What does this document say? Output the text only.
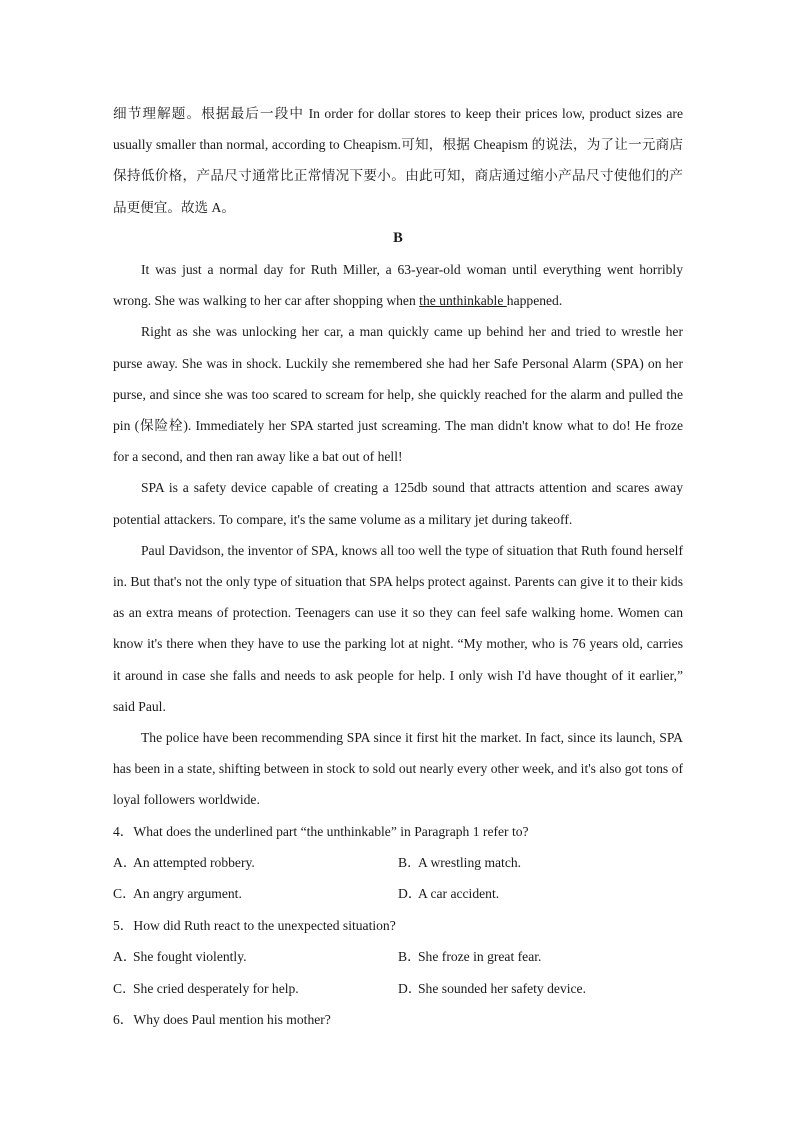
细节理解题。根据最后一段中 In order for dollar stores to keep their prices low, product sizes are usually smaller than normal, according to Cheapism.可知，根据 Cheapism 的说法，为了让一元商店保持低价格，产品尺寸通常比正常情况下要小。由此可知，商店通过缩小产品尺寸使他们的产品更便宜。故选 A。

B

It was just a normal day for Ruth Miller, a 63-year-old woman until everything went horribly wrong. She was walking to her car after shopping when the unthinkable happened.

Right as she was unlocking her car, a man quickly came up behind her and tried to wrestle her purse away. She was in shock. Luckily she remembered she had her Safe Personal Alarm (SPA) on her purse, and since she was too scared to scream for help, she quickly reached for the alarm and pulled the pin (保险栓). Immediately her SPA started just screaming. The man didn't know what to do! He froze for a second, and then ran away like a bat out of hell!

SPA is a safety device capable of creating a 125db sound that attracts attention and scares away potential attackers. To compare, it's the same volume as a military jet during takeoff.

Paul Davidson, the inventor of SPA, knows all too well the type of situation that Ruth found herself in. But that's not the only type of situation that SPA helps protect against. Parents can give it to their kids as an extra means of protection. Teenagers can use it so they can feel safe walking home. Women can know it's there when they have to use the parking lot at night. “My mother, who is 76 years old, carries it around in case she falls and needs to ask people for help. I only wish I'd have thought of it earlier,” said Paul.

The police have been recommending SPA since it first hit the market. In fact, since its launch, SPA has been in a state, shifting between in stock to sold out nearly every other week, and it's also got tons of loyal followers worldwide.

4．What does the underlined part “the unthinkable” in Paragraph 1 refer to?
A．An attempted robbery.	B．A wrestling match.
C．An angry argument.	D．A car accident.
5．How did Ruth react to the unexpected situation?
A．She fought violently.	B．She froze in great fear.
C．She cried desperately for help.	D．She sounded her safety device.
6．Why does Paul mention his mother?
